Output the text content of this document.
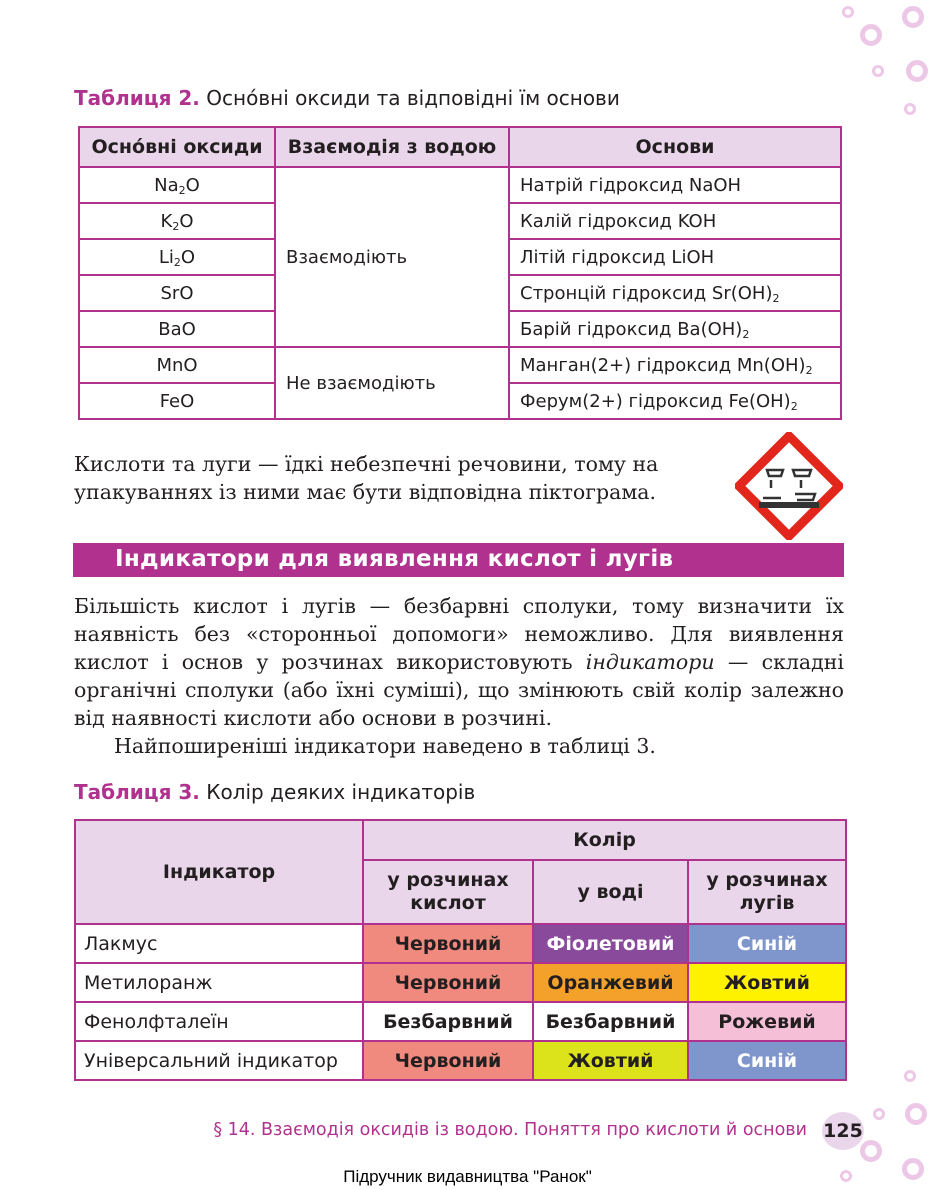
Таблиця 2. Осно́вні оксиди та відповідні їм основи
Осно́вні оксиди	Взаємодія з водою	Основи
$Na_2O$	Взаємодіють	Натрій гідроксид NaOH
$K_2O$		Калій гідроксид KOH
$Li_2O$		Літій гідроксид LiOH
SrO		Стронцій гідроксид $Sr(OH)_2$
BaO		Барій гідроксид $Ba(OH)_2$
MnO	Не взаємодіють	Манган(2+) гідроксид $Mn(OH)_2$
FeO		Ферум(2+) гідроксид $Fe(OH)_2$
Кислоти та луги — їдкі небезпечні речовини, тому на
упакуваннях із ними має бути відповідна піктограма.
Індикатори для виявлення кислот і лугів
Більшість кислот і лугів — безбарвні сполуки, тому визначити їх наявність без «сторонньої допомоги» неможливо. Для виявлення кислот і основ у розчинах використовують індикатори — складні органічні сполуки (або їхні суміші), що змінюють свій колір залежно від наявності кислоти або основи в розчині.
Найпоширеніші індикатори наведено в таблиці 3.
Таблиця 3. Колір деяких індикаторів
Індикатор	Колір		
	у розчинах кислот	у воді	у розчинах лугів
Лакмус	Червоний	Фіолетовий	Синій
Метилоранж	Червоний	Оранжевий	Жовтий
Фенолфталеїн	Безбарвний	Безбарвний	Рожевий
Універсальний індикатор	Червоний	Жовтий	Синій
§ 14. Взаємодія оксидів із водою. Поняття про кислоти й основи 125
Підручник видавництва "Ранок"
